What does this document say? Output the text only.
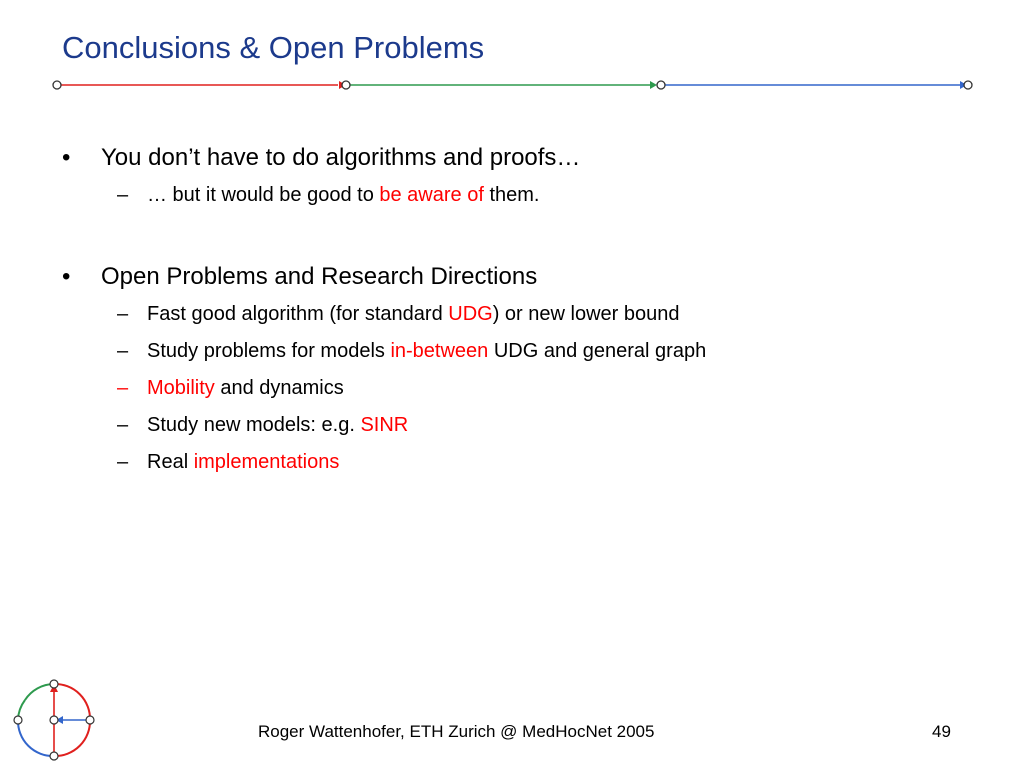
Conclusions & Open Problems
• You don’t have to do algorithms and proofs…
– … but it would be good to be aware of them.
• Open Problems and Research Directions
– Fast good algorithm (for standard UDG) or new lower bound
– Study problems for models in-between UDG and general graph
– Mobility and dynamics
– Study new models: e.g. SINR
– Real implementations
Roger Wattenhofer, ETH Zurich @ MedHocNet 2005	49
